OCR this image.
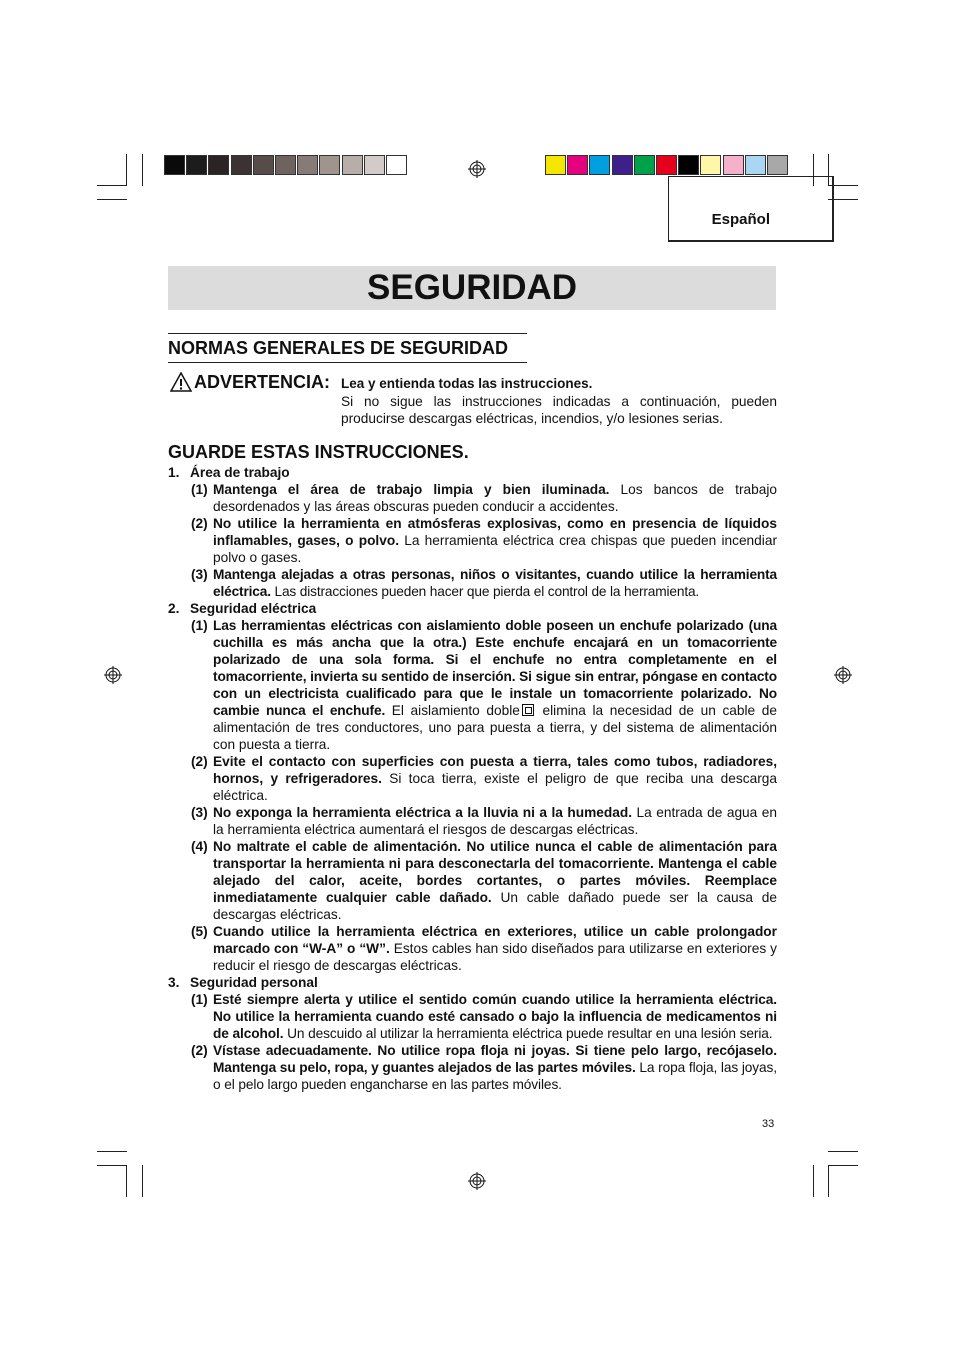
Español
SEGURIDAD
NORMAS GENERALES DE SEGURIDAD
ADVERTENCIA: Lea y entienda todas las instrucciones.
Si no sigue las instrucciones indicadas a continuación, pueden producirse descargas eléctricas, incendios, y/o lesiones serias.
GUARDE ESTAS INSTRUCCIONES.
1. Área de trabajo
(1) Mantenga el área de trabajo limpia y bien iluminada. Los bancos de trabajo desordenados y las áreas obscuras pueden conducir a accidentes.
(2) No utilice la herramienta en atmósferas explosivas, como en presencia de líquidos inflamables, gases, o polvo. La herramienta eléctrica crea chispas que pueden incendiar polvo o gases.
(3) Mantenga alejadas a otras personas, niños o visitantes, cuando utilice la herramienta eléctrica. Las distracciones pueden hacer que pierda el control de la herramienta.
2. Seguridad eléctrica
(1) Las herramientas eléctricas con aislamiento doble poseen un enchufe polarizado (una cuchilla es más ancha que la otra.) Este enchufe encajará en un tomacorriente polarizado de una sola forma. Si el enchufe no entra completamente en el tomacorriente, invierta su sentido de inserción. Si sigue sin entrar, póngase en contacto con un electricista cualificado para que le instale un tomacorriente polarizado. No cambie nunca el enchufe. El aislamiento doble elimina la necesidad de un cable de alimentación de tres conductores, uno para puesta a tierra, y del sistema de alimentación con puesta a tierra.
(2) Evite el contacto con superficies con puesta a tierra, tales como tubos, radiadores, hornos, y refrigeradores. Si toca tierra, existe el peligro de que reciba una descarga eléctrica.
(3) No exponga la herramienta eléctrica a la lluvia ni a la humedad. La entrada de agua en la herramienta eléctrica aumentará el riesgos de descargas eléctricas.
(4) No maltrate el cable de alimentación. No utilice nunca el cable de alimentación para transportar la herramienta ni para desconectarla del tomacorriente. Mantenga el cable alejado del calor, aceite, bordes cortantes, o partes móviles. Reemplace inmediatamente cualquier cable dañado. Un cable dañado puede ser la causa de descargas eléctricas.
(5) Cuando utilice la herramienta eléctrica en exteriores, utilice un cable prolongador marcado con “W-A” o “W”. Estos cables han sido diseñados para utilizarse en exteriores y reducir el riesgo de descargas eléctricas.
3. Seguridad personal
(1) Esté siempre alerta y utilice el sentido común cuando utilice la herramienta eléctrica. No utilice la herramienta cuando esté cansado o bajo la influencia de medicamentos ni de alcohol. Un descuido al utilizar la herramienta eléctrica puede resultar en una lesión seria.
(2) Vístase adecuadamente. No utilice ropa floja ni joyas. Si tiene pelo largo, recójaselo. Mantenga su pelo, ropa, y guantes alejados de las partes móviles. La ropa floja, las joyas, o el pelo largo pueden engancharse en las partes móviles.
33
